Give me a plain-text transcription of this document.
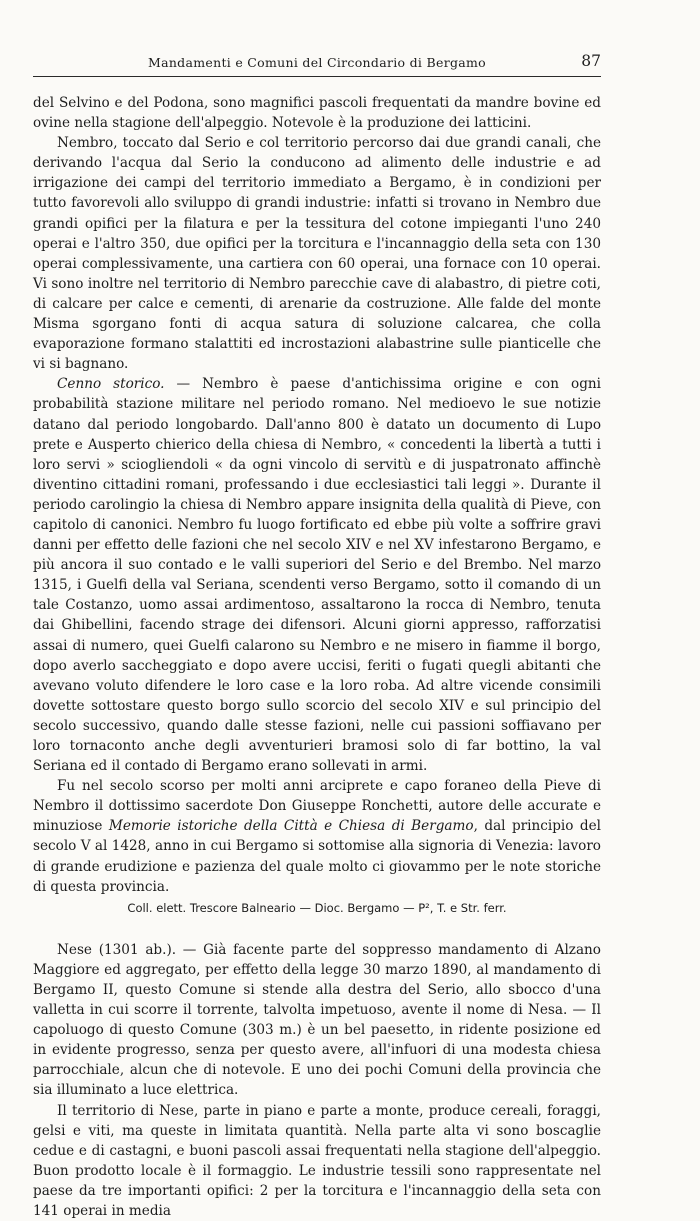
Mandamenti e Comuni del Circondario di Bergamo	87

del Selvino e del Podona, sono magnifici pascoli frequentati da mandre bovine ed ovine nella stagione dell'alpeggio. Notevole è la produzione dei latticini.

Nembro, toccato dal Serio e col territorio percorso dai due grandi canali, che derivando l'acqua dal Serio la conducono ad alimento delle industrie e ad irrigazione dei campi del territorio immediato a Bergamo, è in condizioni per tutto favorevoli allo sviluppo di grandi industrie: infatti si trovano in Nembro due grandi opifici per la filatura e per la tessitura del cotone impieganti l'uno 240 operai e l'altro 350, due opifici per la torcitura e l'incannaggio della seta con 130 operai complessivamente, una cartiera con 60 operai, una fornace con 10 operai. Vi sono inoltre nel territorio di Nembro parecchie cave di alabastro, di pietre coti, di calcare per calce e cementi, di arenarie da costruzione. Alle falde del monte Misma sgorgano fonti di acqua satura di soluzione calcarea, che colla evaporazione formano stalattiti ed incrostazioni alabastrine sulle pianticelle che vi si bagnano.

Cenno storico. — Nembro è paese d'antichissima origine e con ogni probabilità stazione militare nel periodo romano. Nel medioevo le sue notizie datano dal periodo longobardo. Dall'anno 800 è datato un documento di Lupo prete e Ausperto chierico della chiesa di Nembro, « concedenti la libertà a tutti i loro servi » sciogliendoli « da ogni vincolo di servitù e di juspatronato affinchè diventino cittadini romani, professando i due ecclesiastici tali leggi ». Durante il periodo carolingio la chiesa di Nembro appare insignita della qualità di Pieve, con capitolo di canonici. Nembro fu luogo fortificato ed ebbe più volte a soffrire gravi danni per effetto delle fazioni che nel secolo XIV e nel XV infestarono Bergamo, e più ancora il suo contado e le valli superiori del Serio e del Brembo. Nel marzo 1315, i Guelfi della val Seriana, scendenti verso Bergamo, sotto il comando di un tale Costanzo, uomo assai ardimentoso, assaltarono la rocca di Nembro, tenuta dai Ghibellini, facendo strage dei difensori. Alcuni giorni appresso, rafforzatisi assai di numero, quei Guelfi calarono su Nembro e ne misero in fiamme il borgo, dopo averlo saccheggiato e dopo avere uccisi, feriti o fugati quegli abitanti che avevano voluto difendere le loro case e la loro roba. Ad altre vicende consimili dovette sottostare questo borgo sullo scorcio del secolo XIV e sul principio del secolo successivo, quando dalle stesse fazioni, nelle cui passioni soffiavano per loro tornaconto anche degli avventurieri bramosi solo di far bottino, la val Seriana ed il contado di Bergamo erano sollevati in armi.

Fu nel secolo scorso per molti anni arciprete e capo foraneo della Pieve di Nembro il dottissimo sacerdote Don Giuseppe Ronchetti, autore delle accurate e minuziose Memorie istoriche della Città e Chiesa di Bergamo, dal principio del secolo V al 1428, anno in cui Bergamo si sottomise alla signoria di Venezia: lavoro di grande erudizione e pazienza del quale molto ci giovammo per le note storiche di questa provincia.

Coll. elett. Trescore Balneario — Dioc. Bergamo — P², T. e Str. ferr.

Nese (1301 ab.). — Già facente parte del soppresso mandamento di Alzano Maggiore ed aggregato, per effetto della legge 30 marzo 1890, al mandamento di Bergamo II, questo Comune si stende alla destra del Serio, allo sbocco d'una valletta in cui scorre il torrente, talvolta impetuoso, avente il nome di Nesa. — Il capoluogo di questo Comune (303 m.) è un bel paesetto, in ridente posizione ed in evidente progresso, senza per questo avere, all'infuori di una modesta chiesa parrocchiale, alcun che di notevole. E uno dei pochi Comuni della provincia che sia illuminato a luce elettrica.

Il territorio di Nese, parte in piano e parte a monte, produce cereali, foraggi, gelsi e viti, ma queste in limitata quantità. Nella parte alta vi sono boscaglie cedue e di castagni, e buoni pascoli assai frequentati nella stagione dell'alpeggio. Buon prodotto locale è il formaggio. Le industrie tessili sono rappresentate nel paese da tre importanti opifici: 2 per la torcitura e l'incannaggio della seta con 141 operai in media
